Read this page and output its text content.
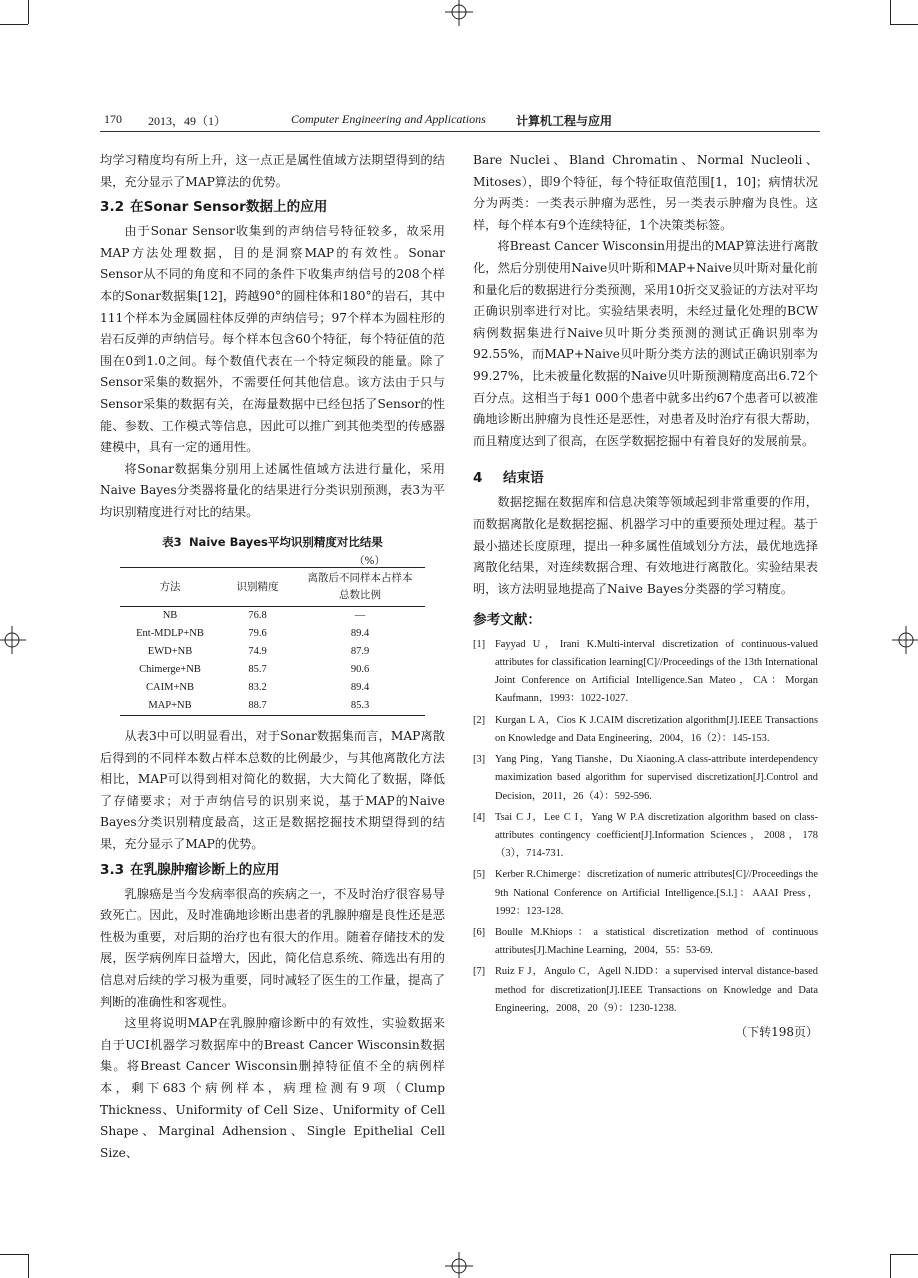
170 2013，49（1）	Computer Engineering and Applications	计算机工程与应用

均学习精度均有所上升，这一点正是属性值域方法期望得到的结果，充分显示了MAP算法的优势。

3.2 在Sonar Sensor数据上的应用

由于Sonar Sensor收集到的声纳信号特征较多，故采用MAP方法处理数据，目的是洞察MAP的有效性。Sonar Sensor从不同的角度和不同的条件下收集声纳信号的208个样本的Sonar数据集[12]，跨越90°的圆柱体和180°的岩石，其中111个样本为金属圆柱体反弹的声纳信号；97个样本为圆柱形的岩石反弹的声纳信号。每个样本包含60个特征，每个特征值的范围在0到1.0之间。每个数值代表在一个特定频段的能量。除了Sensor采集的数据外，不需要任何其他信息。该方法由于只与Sensor采集的数据有关，在海量数据中已经包括了Sensor的性能、参数、工作模式等信息，因此可以推广到其他类型的传感器建模中，具有一定的通用性。

将Sonar数据集分别用上述属性值域方法进行量化，采用Naive Bayes分类器将量化的结果进行分类识别预测，表3为平均识别精度进行对比的结果。

表3 Naive Bayes平均识别精度对比结果
（%）
方法	识别精度	离散后不同样本占样本总数比例
NB	76.8	—
Ent-MDLP+NB	79.6	89.4
EWD+NB	74.9	87.9
Chimerge+NB	85.7	90.6
CAIM+NB	83.2	89.4
MAP+NB	88.7	85.3

从表3中可以明显看出，对于Sonar数据集而言，MAP离散后得到的不同样本数占样本总数的比例最少，与其他离散化方法相比，MAP可以得到相对简化的数据，大大简化了数据，降低了存储要求；对于声纳信号的识别来说，基于MAP的Naive Bayes分类识别精度最高，这正是数据挖掘技术期望得到的结果，充分显示了MAP的优势。

3.3 在乳腺肿瘤诊断上的应用

乳腺癌是当今发病率很高的疾病之一，不及时治疗很容易导致死亡。因此，及时准确地诊断出患者的乳腺肿瘤是良性还是恶性极为重要，对后期的治疗也有很大的作用。随着存储技术的发展，医学病例库日益增大，因此，简化信息系统、筛选出有用的信息对后续的学习极为重要，同时减轻了医生的工作量，提高了判断的准确性和客观性。

这里将说明MAP在乳腺肿瘤诊断中的有效性，实验数据来自于UCI机器学习数据库中的Breast Cancer Wisconsin数据集。将Breast Cancer Wisconsin删掉特征值不全的病例样本，剩下683个病例样本，病理检测有9项（Clump Thickness、Uniformity of Cell Size、Uniformity of Cell Shape、Marginal Adhension、Single Epithelial Cell Size、

Bare Nuclei、Bland Chromatin、Normal Nucleoli、Mitoses），即9个特征，每个特征取值范围[1，10]；病情状况分为两类：一类表示肿瘤为恶性，另一类表示肿瘤为良性。这样，每个样本有9个连续特征，1个决策类标签。

将Breast Cancer Wisconsin用提出的MAP算法进行离散化，然后分别使用Naive贝叶斯和MAP+Naive贝叶斯对量化前和量化后的数据进行分类预测，采用10折交叉验证的方法对平均正确识别率进行对比。实验结果表明，未经过量化处理的BCW病例数据集进行Naive贝叶斯分类预测的测试正确识别率为92.55%，而MAP+Naive贝叶斯分类方法的测试正确识别率为99.27%，比未被量化数据的Naive贝叶斯预测精度高出6.72个百分点。这相当于每1 000个患者中就多出约67个患者可以被准确地诊断出肿瘤为良性还是恶性，对患者及时治疗有很大帮助，而且精度达到了很高，在医学数据挖掘中有着良好的发展前景。

4 结束语

数据挖掘在数据库和信息决策等领域起到非常重要的作用，而数据离散化是数据挖掘、机器学习中的重要预处理过程。基于最小描述长度原理，提出一种多属性值域划分方法，最优地选择离散化结果，对连续数据合理、有效地进行离散化。实验结果表明，该方法明显地提高了Naive Bayes分类器的学习精度。

参考文献：
[1] Fayyad U，Irani K.Multi-interval discretization of continuous-valued attributes for classification learning[C]//Proceedings of the 13th International Joint Conference on Artificial Intelligence.San Mateo，CA：Morgan Kaufmann，1993：1022-1027.
[2] Kurgan L A，Cios K J.CAIM discretization algorithm[J].IEEE Transactions on Knowledge and Data Engineering，2004，16（2）：145-153.
[3] Yang Ping，Yang Tianshe，Du Xiaoning.A class-attribute interdependency maximization based algorithm for supervised discretization[J].Control and Decision，2011，26（4）：592-596.
[4] Tsai C J，Lee C I，Yang W P.A discretization algorithm based on class-attributes contingency coefficient[J].Information Sciences，2008，178（3），714-731.
[5] Kerber R.Chimerge：discretization of numeric attributes[C]//Proceedings the 9th National Conference on Artificial Intelligence.[S.l.]：AAAI Press，1992：123-128.
[6] Boulle M.Khiops：a statistical discretization method of continuous attributes[J].Machine Learning，2004，55：53-69.
[7] Ruiz F J，Angulo C，Agell N.IDD：a supervised interval distance-based method for discretization[J].IEEE Transactions on Knowledge and Data Engineering，2008，20（9）：1230-1238.
（下转198页）
